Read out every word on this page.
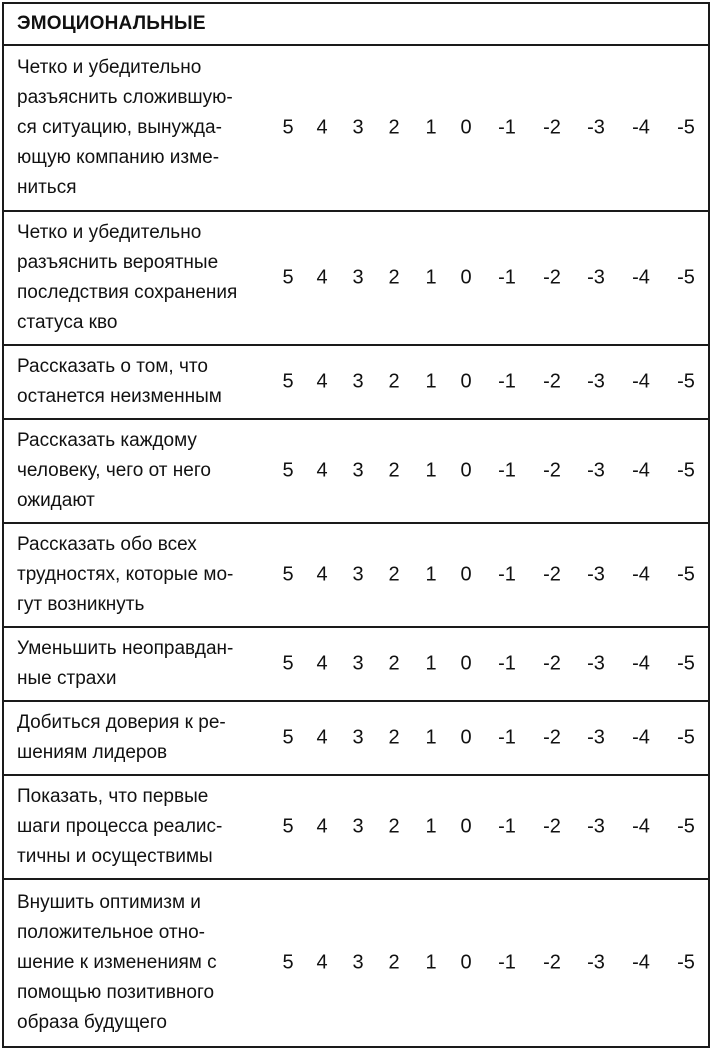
ЭМОЦИОНАЛЬНЫЕ
Четко и убедительно
разъяснить сложившую-
ся ситуацию, вынужда-
ющую компанию изме-
ниться
5 4 3 2 1 0 -1 -2 -3 -4 -5
Четко и убедительно
разъяснить вероятные
последствия сохранения
статуса кво
5 4 3 2 1 0 -1 -2 -3 -4 -5
Рассказать о том, что
останется неизменным
5 4 3 2 1 0 -1 -2 -3 -4 -5
Рассказать каждому
человеку, чего от него
ожидают
5 4 3 2 1 0 -1 -2 -3 -4 -5
Рассказать обо всех
трудностях, которые мо-
гут возникнуть
5 4 3 2 1 0 -1 -2 -3 -4 -5
Уменьшить неоправдан-
ные страхи
5 4 3 2 1 0 -1 -2 -3 -4 -5
Добиться доверия к ре-
шениям лидеров
5 4 3 2 1 0 -1 -2 -3 -4 -5
Показать, что первые
шаги процесса реалис-
тичны и осуществимы
5 4 3 2 1 0 -1 -2 -3 -4 -5
Внушить оптимизм и
положительное отно-
шение к изменениям с
помощью позитивного
образа будущего
5 4 3 2 1 0 -1 -2 -3 -4 -5
